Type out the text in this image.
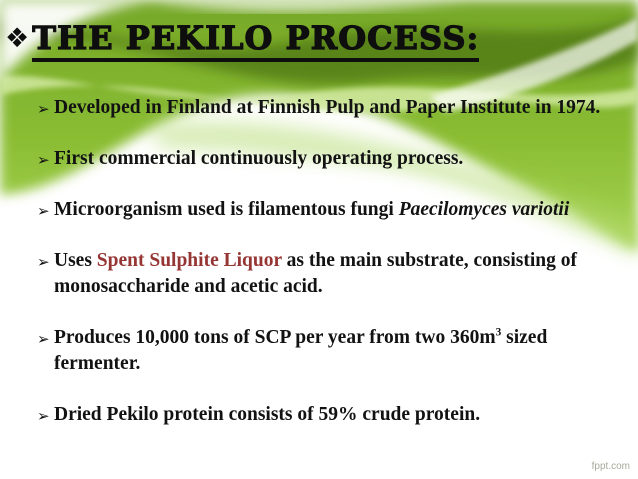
❖ THE PEKILO PROCESS:
➢ Developed in Finland at Finnish Pulp and Paper Institute in 1974.
➢ First commercial continuously operating process.
➢ Microorganism used is filamentous fungi Paecilomyces variotii
➢ Uses Spent Sulphite Liquor as the main substrate, consisting of monosaccharide and acetic acid.
➢ Produces 10,000 tons of SCP per year from two $360m^3$ sized fermenter.
➢ Dried Pekilo protein consists of 59% crude protein.
fppt.com
